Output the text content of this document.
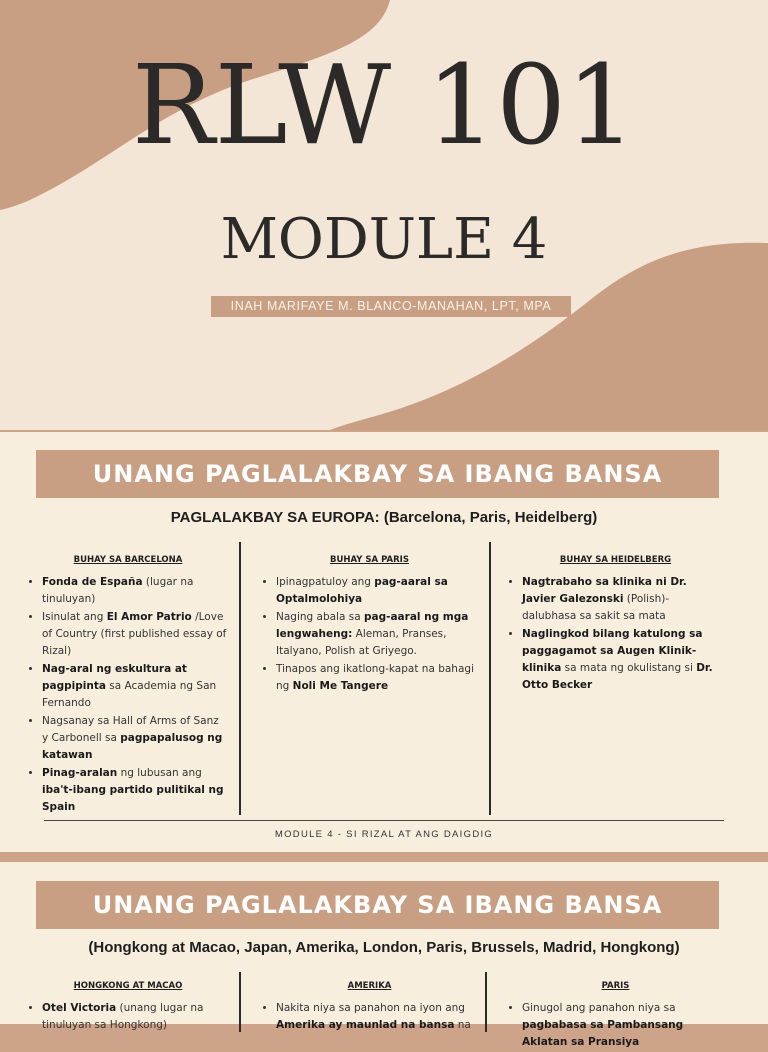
RLW 101
MODULE 4
INAH MARIFAYE M. BLANCO-MANAHAN, LPT, MPA
UNANG PAGLALAKBAY SA IBANG BANSA
PAGLALAKBAY SA EUROPA: (Barcelona, Paris, Heidelberg)
BUHAY SA BARCELONA
• Fonda de España (lugar na tinuluyan)
• Isinulat ang El Amor Patrio /Love of Country (first published essay of Rizal)
• Nag-aral ng eskultura at pagpipinta sa Academia ng San Fernando
• Nagsanay sa Hall of Arms of Sanz y Carbonell sa pagpapalusog ng katawan
• Pinag-aralan ng lubusan ang iba't-ibang partido pulitikal ng Spain
BUHAY SA PARIS
• Ipinagpatuloy ang pag-aaral sa Optalmolohiya
• Naging abala sa pag-aaral ng mga lengwaheng: Aleman, Pranses, Italyano, Polish at Griyego.
• Tinapos ang ikatlong-kapat na bahagi ng Noli Me Tangere
BUHAY SA HEIDELBERG
• Nagtrabaho sa klinika ni Dr. Javier Galezonski (Polish)- dalubhasa sa sakit sa mata
• Naglingkod bilang katulong sa paggagamot sa Augen Klinik-klinika sa mata ng okulistang si Dr. Otto Becker
MODULE 4 - SI RIZAL AT ANG DAIGDIG
UNANG PAGLALAKBAY SA IBANG BANSA
(Hongkong at Macao, Japan, Amerika, London, Paris, Brussels, Madrid, Hongkong)
HONGKONG AT MACAO
• Otel Victoria (unang lugar na tinuluyan sa Hongkong)
AMERIKA
• Nakita niya sa panahon na iyon ang Amerika ay maunlad na bansa na
PARIS
• Ginugol ang panahon niya sa pagbabasa sa Pambansang Aklatan sa Pransiya
